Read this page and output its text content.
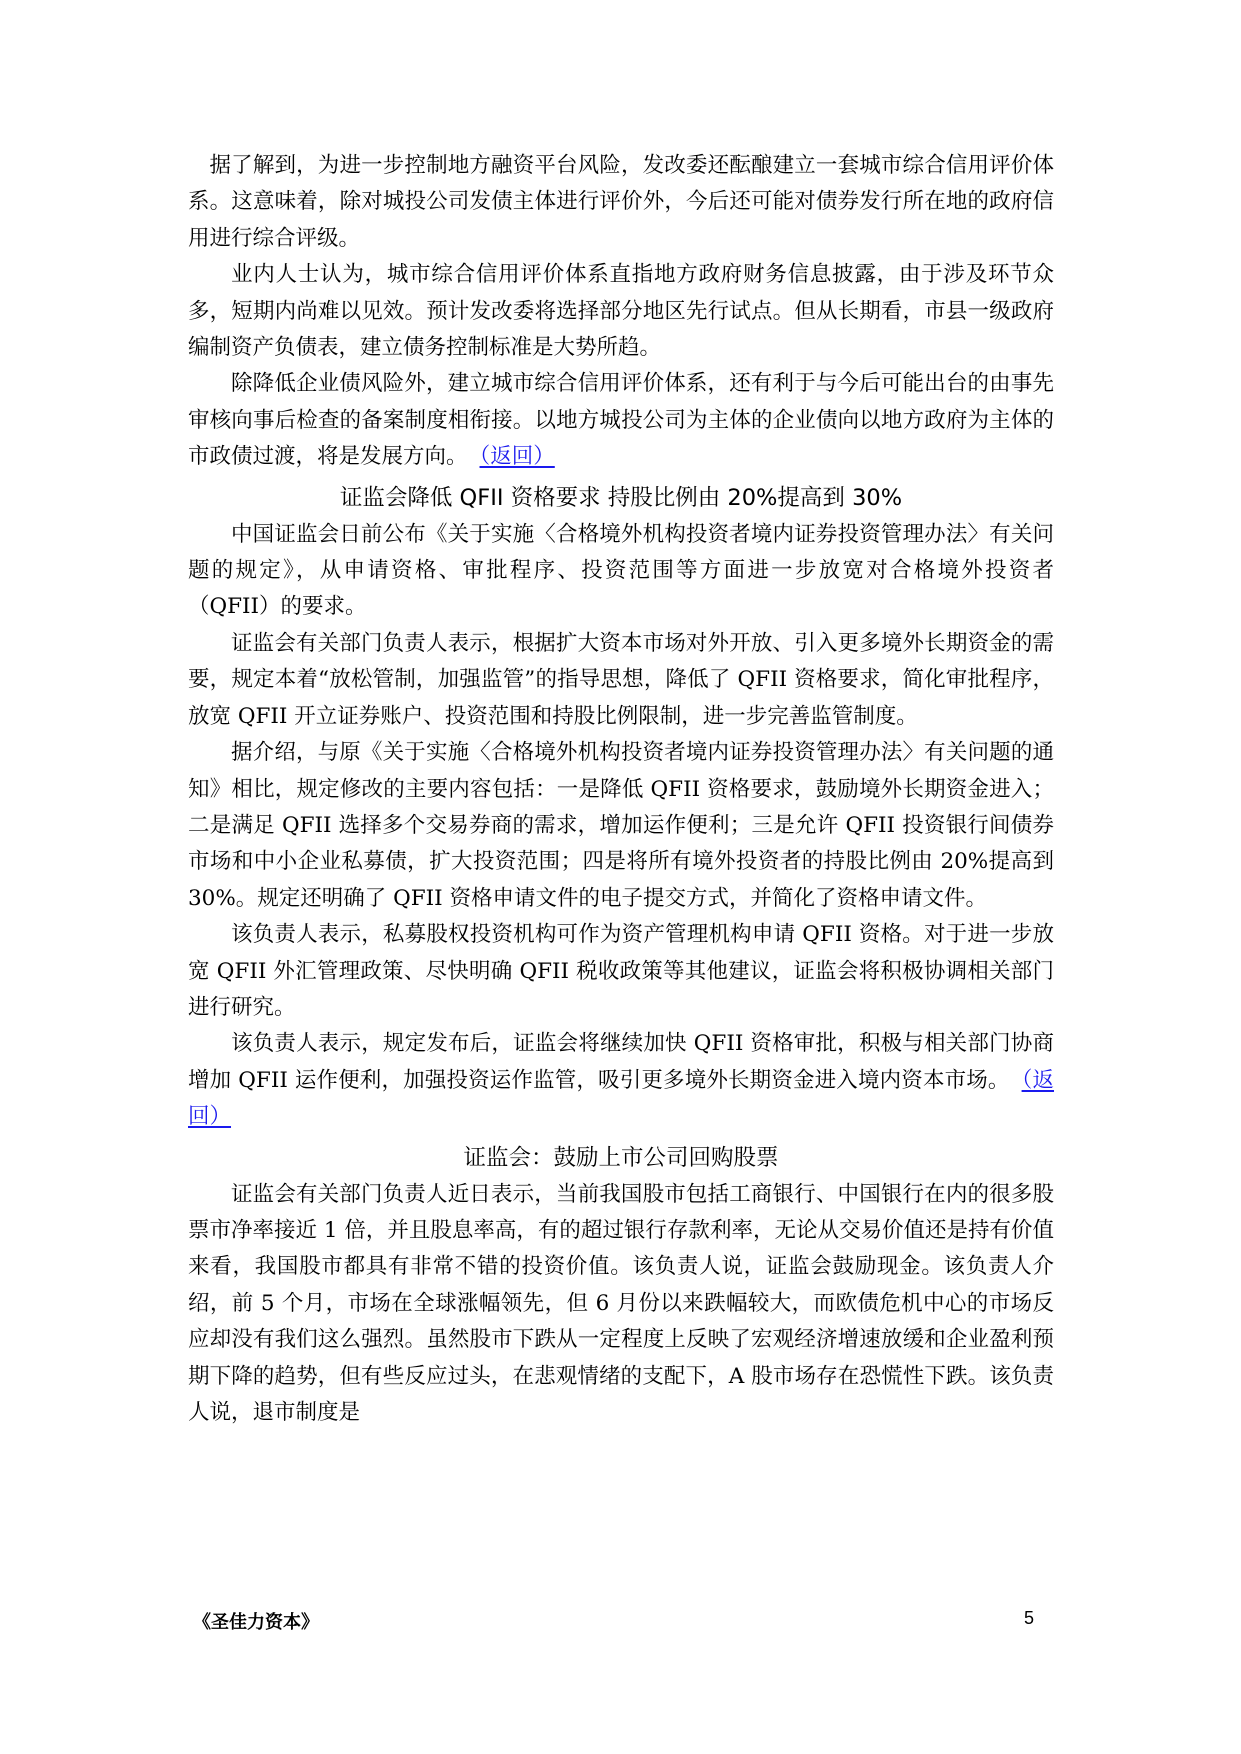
据了解到，为进一步控制地方融资平台风险，发改委还酝酿建立一套城市综合信用评价体系。这意味着，除对城投公司发债主体进行评价外，今后还可能对债券发行所在地的政府信用进行综合评级。

业内人士认为，城市综合信用评价体系直指地方政府财务信息披露，由于涉及环节众多，短期内尚难以见效。预计发改委将选择部分地区先行试点。但从长期看，市县一级政府编制资产负债表，建立债务控制标准是大势所趋。

除降低企业债风险外，建立城市综合信用评价体系，还有利于与今后可能出台的由事先审核向事后检查的备案制度相衔接。以地方城投公司为主体的企业债向以地方政府为主体的市政债过渡，将是发展方向。 （返回）

证监会降低 QFII 资格要求 持股比例由 20%提高到 30%

中国证监会日前公布《关于实施〈合格境外机构投资者境内证券投资管理办法〉有关问题的规定》，从申请资格、审批程序、投资范围等方面进一步放宽对合格境外投资者（QFII）的要求。

证监会有关部门负责人表示，根据扩大资本市场对外开放、引入更多境外长期资金的需要，规定本着“放松管制，加强监管”的指导思想，降低了 QFII 资格要求，简化审批程序，放宽 QFII 开立证券账户、投资范围和持股比例限制，进一步完善监管制度。

据介绍，与原《关于实施〈合格境外机构投资者境内证券投资管理办法〉有关问题的通知》相比，规定修改的主要内容包括：一是降低 QFII 资格要求，鼓励境外长期资金进入；二是满足 QFII 选择多个交易券商的需求，增加运作便利；三是允许 QFII 投资银行间债券市场和中小企业私募债，扩大投资范围；四是将所有境外投资者的持股比例由 20%提高到 30%。规定还明确了 QFII 资格申请文件的电子提交方式，并简化了资格申请文件。

该负责人表示，私募股权投资机构可作为资产管理机构申请 QFII 资格。对于进一步放宽 QFII 外汇管理政策、尽快明确 QFII 税收政策等其他建议，证监会将积极协调相关部门进行研究。

该负责人表示，规定发布后，证监会将继续加快 QFII 资格审批，积极与相关部门协商增加 QFII 运作便利，加强投资运作监管，吸引更多境外长期资金进入境内资本市场。 （返回）

证监会：鼓励上市公司回购股票

证监会有关部门负责人近日表示，当前我国股市包括工商银行、中国银行在内的很多股票市净率接近 1 倍，并且股息率高，有的超过银行存款利率，无论从交易价值还是持有价值来看，我国股市都具有非常不错的投资价值。该负责人说，证监会鼓励现金。该负责人介绍，前 5 个月，市场在全球涨幅领先，但 6 月份以来跌幅较大，而欧债危机中心的市场反应却没有我们这么强烈。虽然股市下跌从一定程度上反映了宏观经济增速放缓和企业盈利预期下降的趋势，但有些反应过头，在悲观情绪的支配下，A 股市场存在恐慌性下跌。该负责人说，退市制度是

《圣佳力资本》	5
